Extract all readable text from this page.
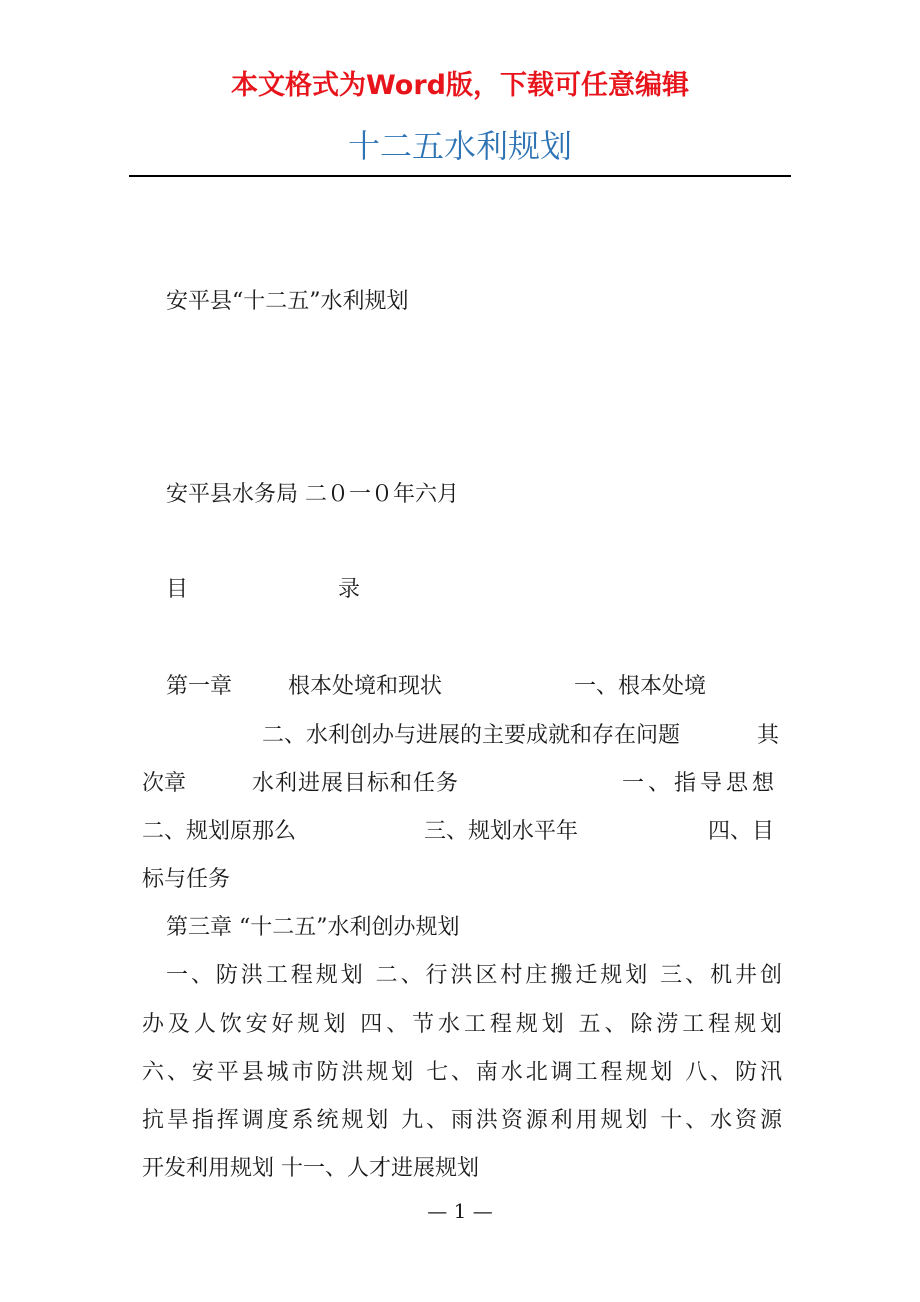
本文格式为Word版，下载可任意编辑
十二五水利规划
安平县“十二五”水利规划
安平县水务局 二０一０年六月
目	录
第一章	根本处境和现状	一、根本处境
二、水利创办与进展的主要成就和存在问题	其
次章	水利进展目标和任务	一、指导思想
二、规划原那么	三、规划水平年	四、目
标与任务
第三章 “十二五”水利创办规划
一、防洪工程规划 二、行洪区村庄搬迁规划 三、机井创
办及人饮安好规划 四、节水工程规划 五、除涝工程规划
六、安平县城市防洪规划 七、南水北调工程规划 八、防汛
抗旱指挥调度系统规划 九、雨洪资源利用规划 十、水资源
开发利用规划 十一、人才进展规划
— 1 —
